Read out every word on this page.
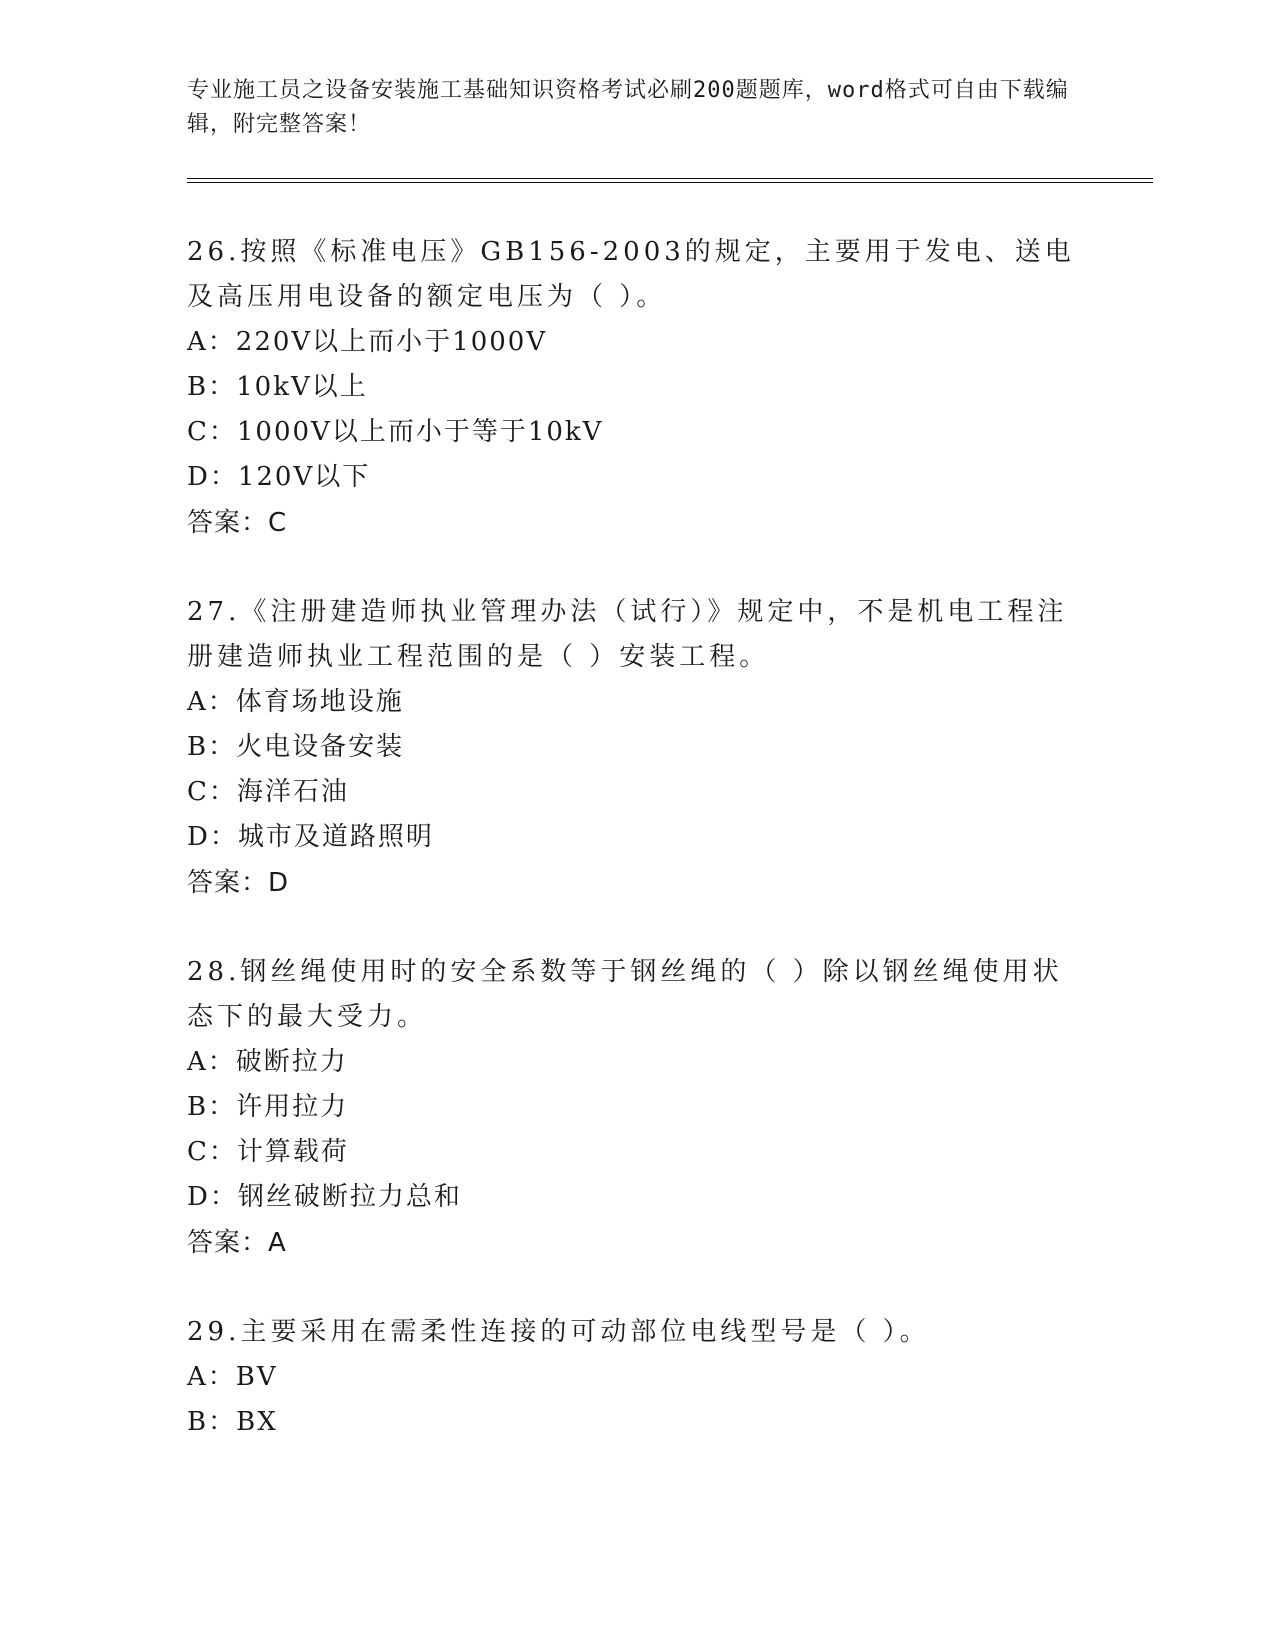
专业施工员之设备安装施工基础知识资格考试必刷200题题库，word格式可自由下载编辑，附完整答案！
26.按照《标准电压》GB156-2003的规定，主要用于发电、送电及高压用电设备的额定电压为（ ）。
A：220V以上而小于1000V
B：10kV以上
C：1000V以上而小于等于10kV
D：120V以下
答案：C
27.《注册建造师执业管理办法（试行）》规定中，不是机电工程注册建造师执业工程范围的是（ ）安装工程。
A：体育场地设施
B：火电设备安装
C：海洋石油
D：城市及道路照明
答案：D
28.钢丝绳使用时的安全系数等于钢丝绳的（ ）除以钢丝绳使用状态下的最大受力。
A：破断拉力
B：许用拉力
C：计算载荷
D：钢丝破断拉力总和
答案：A
29.主要采用在需柔性连接的可动部位电线型号是（ ）。
A：BV
B：BX
